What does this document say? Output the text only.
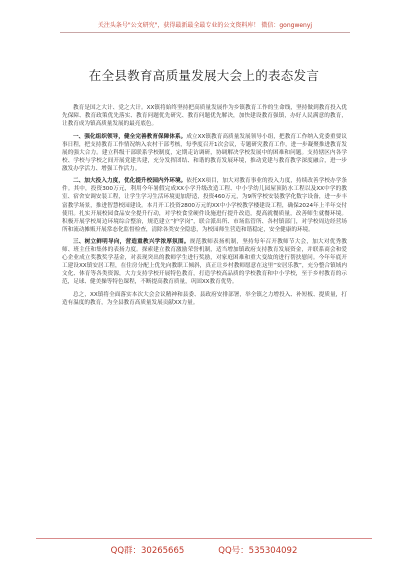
关注头条号"公文研究"，获得最新最全最专业的公文资料库！ 微信：gongwenyj
在全县教育高质量发展大会上的表态发言

教育是国之大计、党之大计。XX镇将始终坚持把高质量发展作为乡镇教育工作的生命线，坚持做到教育投入优先保障、教育政策优先落实、教育问题优先研究、教育问题优先解决，加快建设教育强镇，办好人民满意的教育，让教育成为镇高质量发展的最亮底色。

一、强化组织领导，健全完善教育保障体系。成立XX镇教育高质量发展领导小组，把教育工作纳入党委重要议事日程，把支持教育工作情况纳入农村干部考核，每季度召开1次会议，专题研究教育工作，进一步凝聚推进教育发展的强大合力。建立科级干部联系学校制度，定期走访调研，协调解决学校发展中的困难和问题。支持辖区内各学校、学校与学校之间开展党建共建，充分发挥团结、和谐的教育发展环境，推动党建与教育教学深度融合，进一步激发办学活力、增强工作活力。

二、加大投入力度，优化提升校园内外环境。依托XX项目，加大对教育事业的投入力度，持续改善学校办学条件。其中，投资300万元，利用今年暑假完成XX小学升级改造工程、中小学幼儿园屋顶防水工程以及XX中学的教室、宿舍安调安装工程，让学生学习生活环境更加舒适，投资460万元，为9所学校安装教学化数字设备，进一步丰富教学场景，推进智慧校园建设。本月开工投资2800万元的XX中小学校教学楼建设工程，确保2024年上半年交付使用。扎实开展校园食品安全提升行动，对学校食堂硬件设施进行提升改造，提高就餐质量，改善师生就餐环境。积极开展学校周边环境综合整治，规范建立“护学岗”，联合派出所、市场监管所、各村镇部门，对学校周边经营场所和流动摊贩开展常态化监督检查，清除各类安全隐患，为校园师生营造和谐稳定，安全健康的环境。

三、树立鲜明导向，营造重教兴学浓厚氛围。规范教师表扬机制，坚持每年召开教师节大会，加大对优秀教师、班主任和集体的表扬力度。探索建立教育激励荣誉机制，适当增加镇政府支持教育发展资金，并联系商会和爱心企业成立奖教奖学基金，对表现突出的教师学生进行奖励，对家庭困难和重大变故的进行帮扶慰问。今年年底开工建设XX镇安居工程，在住房分配上优先向教职工倾斜，真正让乡村教师愿意在这里“安居乐教”，充分整合镇域内文化、体育等各类资源，大力支持学校开展特色教育，打造学校高品质的学校教育和中小学校，至于乡村教育的示范，足球、健美操等特色课程，不断提高教育质量，巩固XX教育优势。

总之，XX镇将全面落实本次大会会议精神和县委、县政府安排部署，举全镇之力增投入、补短板、提质量，打造有温度的教育，为全县教育高质量发展贡献XX力量。

QQ群：30265665	QQ号：535304092
